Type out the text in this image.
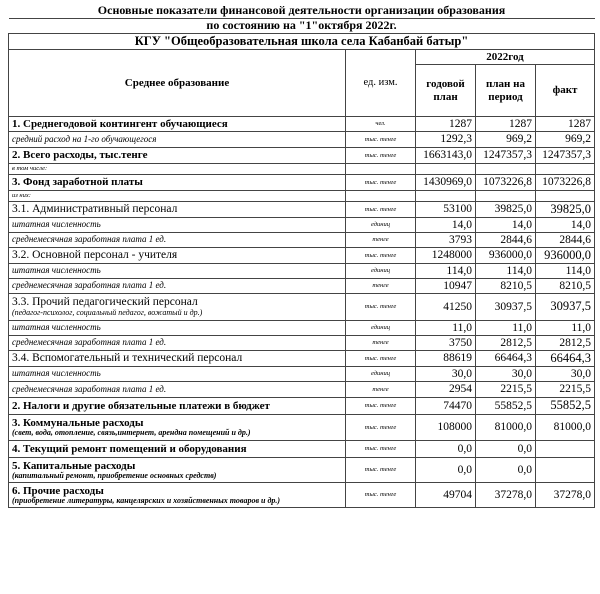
Основные показатели финансовой деятельности организации образования				
по состоянию на "1"октября 2022г.				
КГУ "Общеобразовательная школа села Кабанбай батыр"				
Среднее образование	ед. изм.	2022год		
		годовой план	план на период	факт
1. Среднегодовой контингент обучающиеся	чел.	1287	1287	1287
средний расход на 1-го обучающегося	тыс. тенге	1292,3	969,2	969,2
2. Всего расходы, тыс.тенге	тыс. тенге	1663143,0	1247357,3	1247357,3
в том числе:				
3. Фонд заработной платы	тыс. тенге	1430969,0	1073226,8	1073226,8
из них:				
3.1. Административный персонал	тыс. тенге	53100	39825,0	39825,0
штатная численность	единиц	14,0	14,0	14,0
среднемесячная заработная плата 1 ед.	тенге	3793	2844,6	2844,6
3.2. Основной персонал - учителя	тыс. тенге	1248000	936000,0	936000,0
штатная численность	единиц	114,0	114,0	114,0
среднемесячная заработная плата 1 ед.	тенге	10947	8210,5	8210,5
3.3. Прочий педагогический персонал
(педагог-психолог, социальный педагог, вожатый и др.)	тыс. тенге	41250	30937,5	30937,5
штатная численность	единиц	11,0	11,0	11,0
среднемесячная заработная плата 1 ед.	тенге	3750	2812,5	2812,5
3.4. Вспомогательный и технический персонал	тыс. тенге	88619	66464,3	66464,3
штатная численность	единиц	30,0	30,0	30,0
среднемесячная заработная плата 1 ед.	тенге	2954	2215,5	2215,5
2. Налоги и другие обязательные платежи в бюджет	тыс. тенге	74470	55852,5	55852,5
3. Коммунальные расходы
(свет, вода, отопление, связь,интернет, арендна помещений и др.)	тыс. тенге	108000	81000,0	81000,0
4. Текущий ремонт помещений и оборудования	тыс. тенге	0,0	0,0	
5. Капитальные расходы
(капитальный ремонт, приобретение основных средств)	тыс. тенге	0,0	0,0	
6. Прочие расходы
(приобретение литературы, канцелярских и хозяйственных товаров и др.)	тыс. тенге	49704	37278,0	37278,0
